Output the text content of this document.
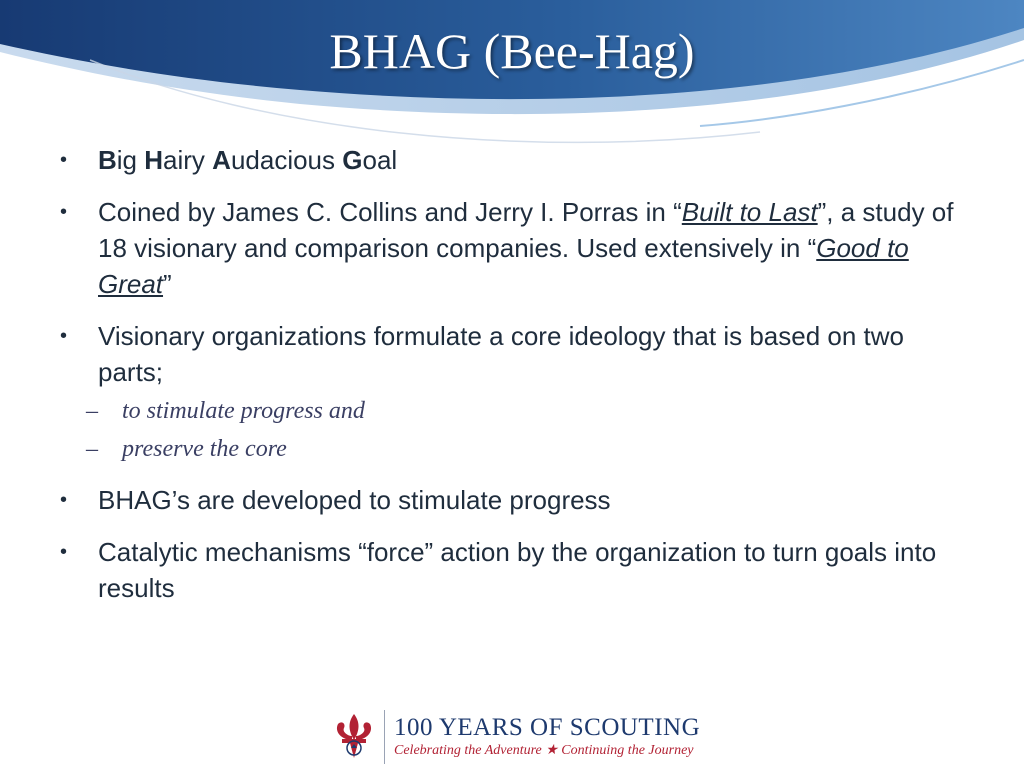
BHAG (Bee-Hag)
• Big Hairy Audacious Goal
• Coined by James C. Collins and Jerry I. Porras in “Built to Last”, a study of 18 visionary and comparison companies. Used extensively in “Good to Great”
• Visionary organizations formulate a core ideology that is based on two parts;
– to stimulate progress and
– preserve the core
• BHAG’s are developed to stimulate progress
• Catalytic mechanisms “force” action by the organization to turn goals into results
100 YEARS OF SCOUTING
Celebrating the Adventure ★ Continuing the Journey
